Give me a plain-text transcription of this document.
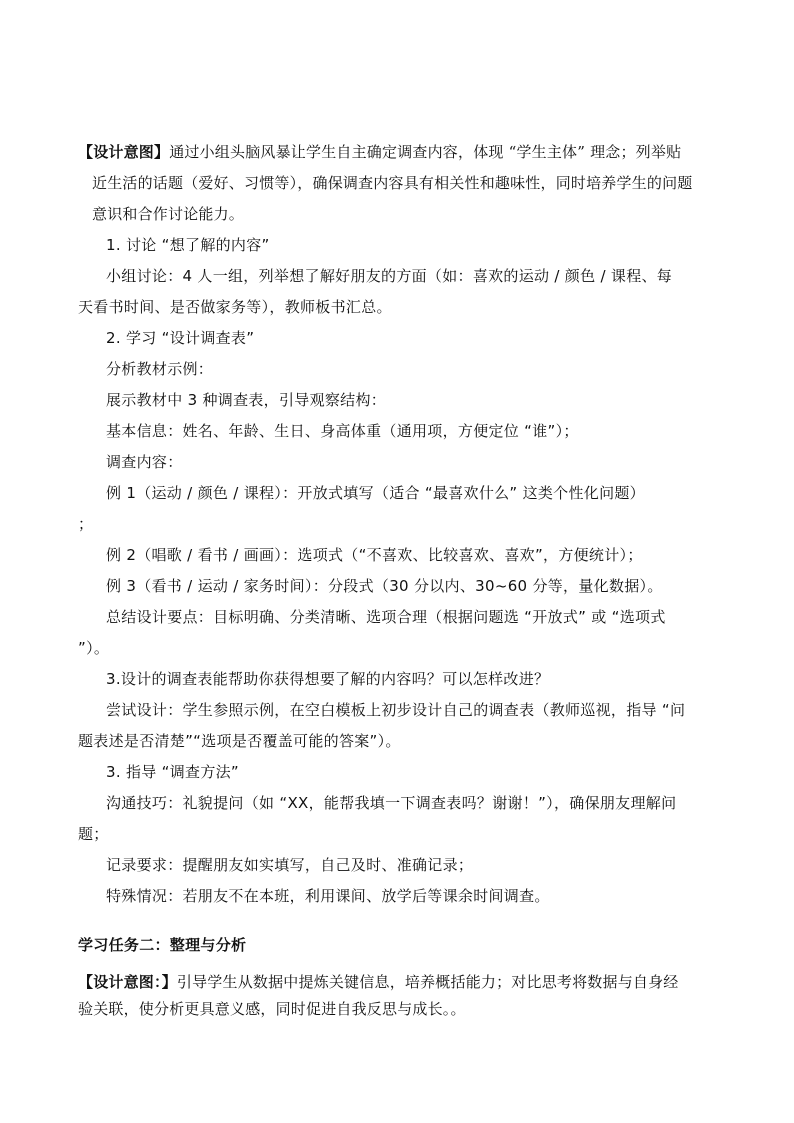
【设计意图】通过小组头脑风暴让学生自主确定调查内容，体现 “学生主体” 理念；列举贴
近生活的话题（爱好、习惯等），确保调查内容具有相关性和趣味性，同时培养学生的问题
意识和合作讨论能力。
1. 讨论 “想了解的内容”
小组讨论：4 人一组，列举想了解好朋友的方面（如：喜欢的运动 / 颜色 / 课程、每
天看书时间、是否做家务等），教师板书汇总。
2. 学习 “设计调查表”
分析教材示例：
展示教材中 3 种调查表，引导观察结构：
基本信息：姓名、年龄、生日、身高体重（通用项，方便定位 “谁”）；
调查内容：
例 1（运动 / 颜色 / 课程）：开放式填写（适合 “最喜欢什么” 这类个性化问题）
；
例 2（唱歌 / 看书 / 画画）：选项式（“不喜欢、比较喜欢、喜欢”，方便统计）；
例 3（看书 / 运动 / 家务时间）：分段式（30 分以内、30~60 分等，量化数据）。
总结设计要点：目标明确、分类清晰、选项合理（根据问题选 “开放式” 或 “选项式
”）。
3.设计的调查表能帮助你获得想要了解的内容吗？可以怎样改进？
尝试设计：学生参照示例，在空白模板上初步设计自己的调查表（教师巡视，指导 “问
题表述是否清楚”“选项是否覆盖可能的答案”）。
3. 指导 “调查方法”
沟通技巧：礼貌提问（如 “XX，能帮我填一下调查表吗？谢谢！”），确保朋友理解问
题；
记录要求：提醒朋友如实填写，自己及时、准确记录；
特殊情况：若朋友不在本班，利用课间、放学后等课余时间调查。
学习任务二：整理与分析
【设计意图：】引导学生从数据中提炼关键信息，培养概括能力；对比思考将数据与自身经
验关联，使分析更具意义感，同时促进自我反思与成长。。
